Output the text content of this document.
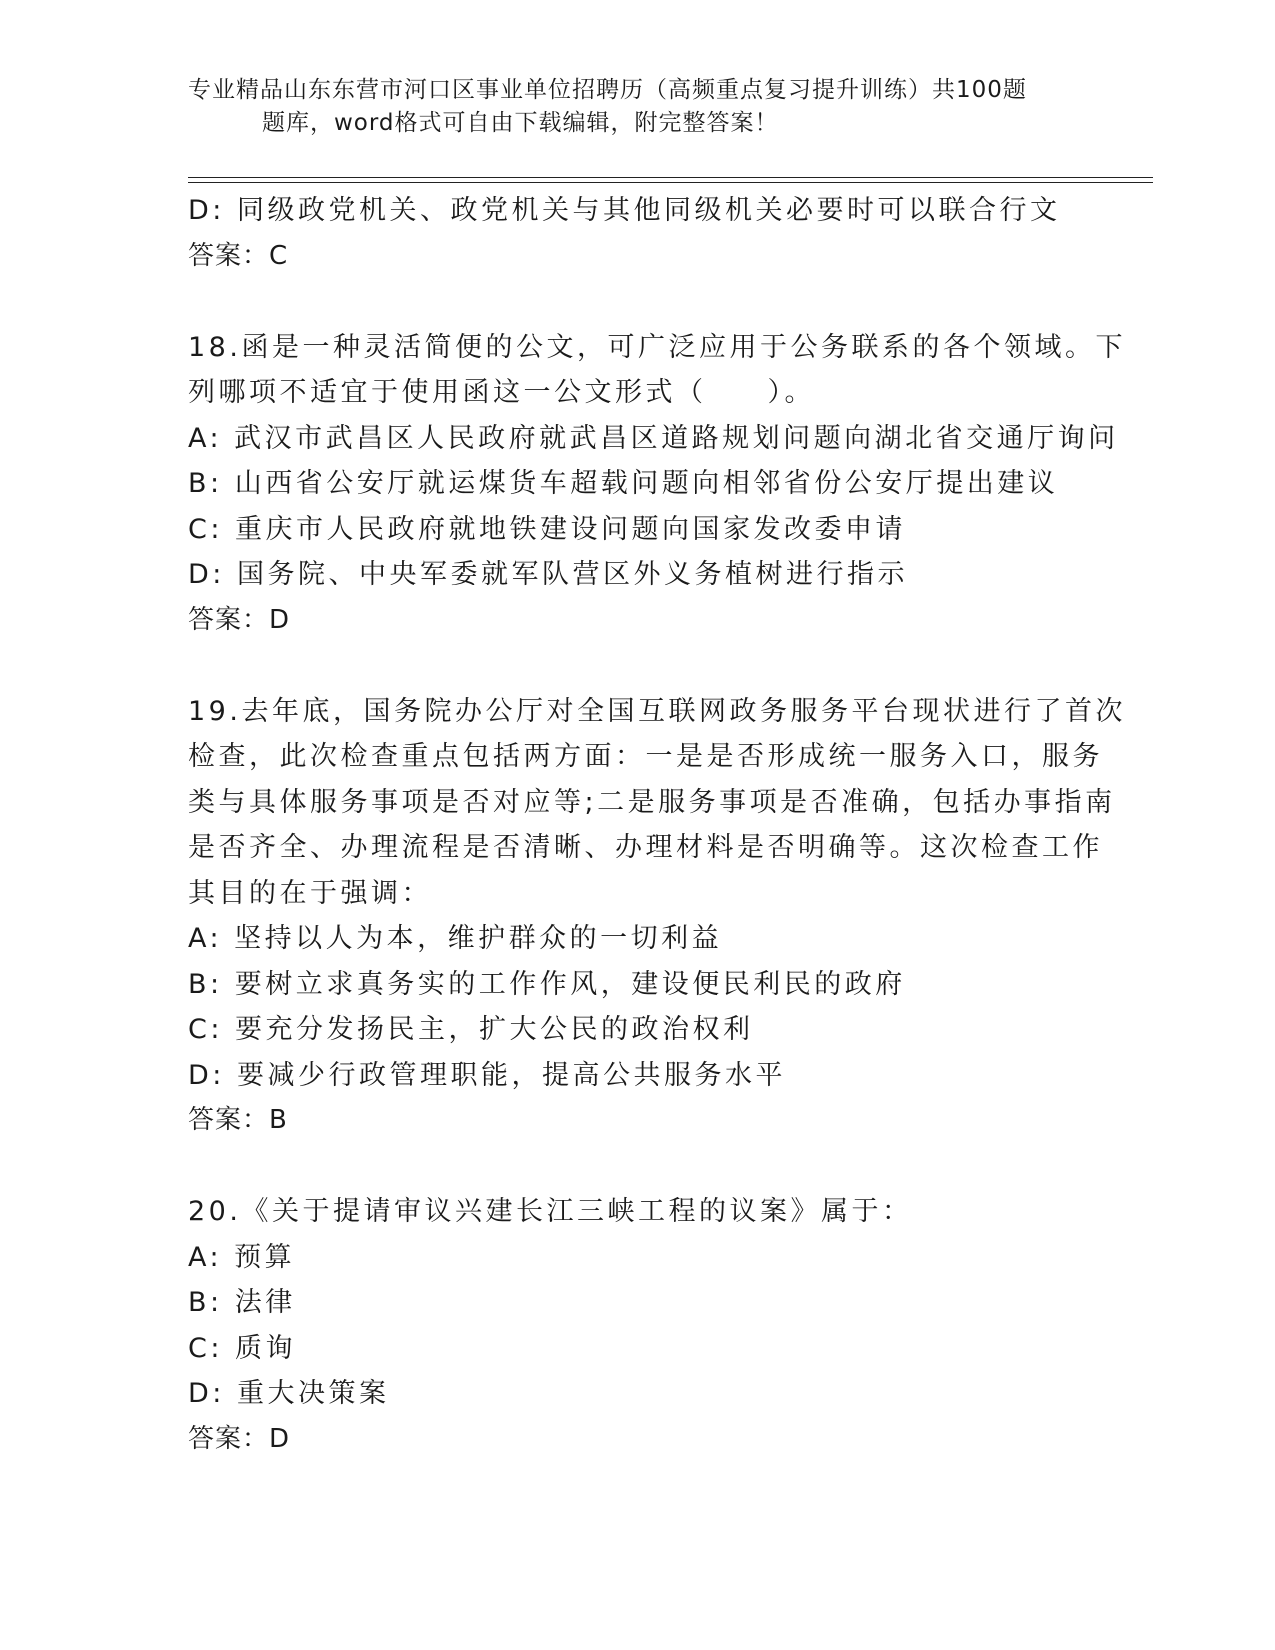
专业精品山东东营市河口区事业单位招聘历（高频重点复习提升训练）共100题

题库，word格式可自由下载编辑，附完整答案！

D: 同级政党机关、政党机关与其他同级机关必要时可以联合行文

答案：C

18.函是一种灵活简便的公文，可广泛应用于公务联系的各个领域。下

列哪项不适宜于使用函这一公文形式（　　）。

A: 武汉市武昌区人民政府就武昌区道路规划问题向湖北省交通厅询问

B: 山西省公安厅就运煤货车超载问题向相邻省份公安厅提出建议

C: 重庆市人民政府就地铁建设问题向国家发改委申请

D: 国务院、中央军委就军队营区外义务植树进行指示

答案：D

19.去年底，国务院办公厅对全国互联网政务服务平台现状进行了首次

检查，此次检查重点包括两方面：一是是否形成统一服务入口，服务

类与具体服务事项是否对应等;二是服务事项是否准确，包括办事指南

是否齐全、办理流程是否清晰、办理材料是否明确等。这次检查工作

其目的在于强调：

A: 坚持以人为本，维护群众的一切利益

B: 要树立求真务实的工作作风，建设便民利民的政府

C: 要充分发扬民主，扩大公民的政治权利

D: 要减少行政管理职能，提高公共服务水平

答案：B

20.《关于提请审议兴建长江三峡工程的议案》属于：

A: 预算

B: 法律

C: 质询

D: 重大决策案

答案：D
